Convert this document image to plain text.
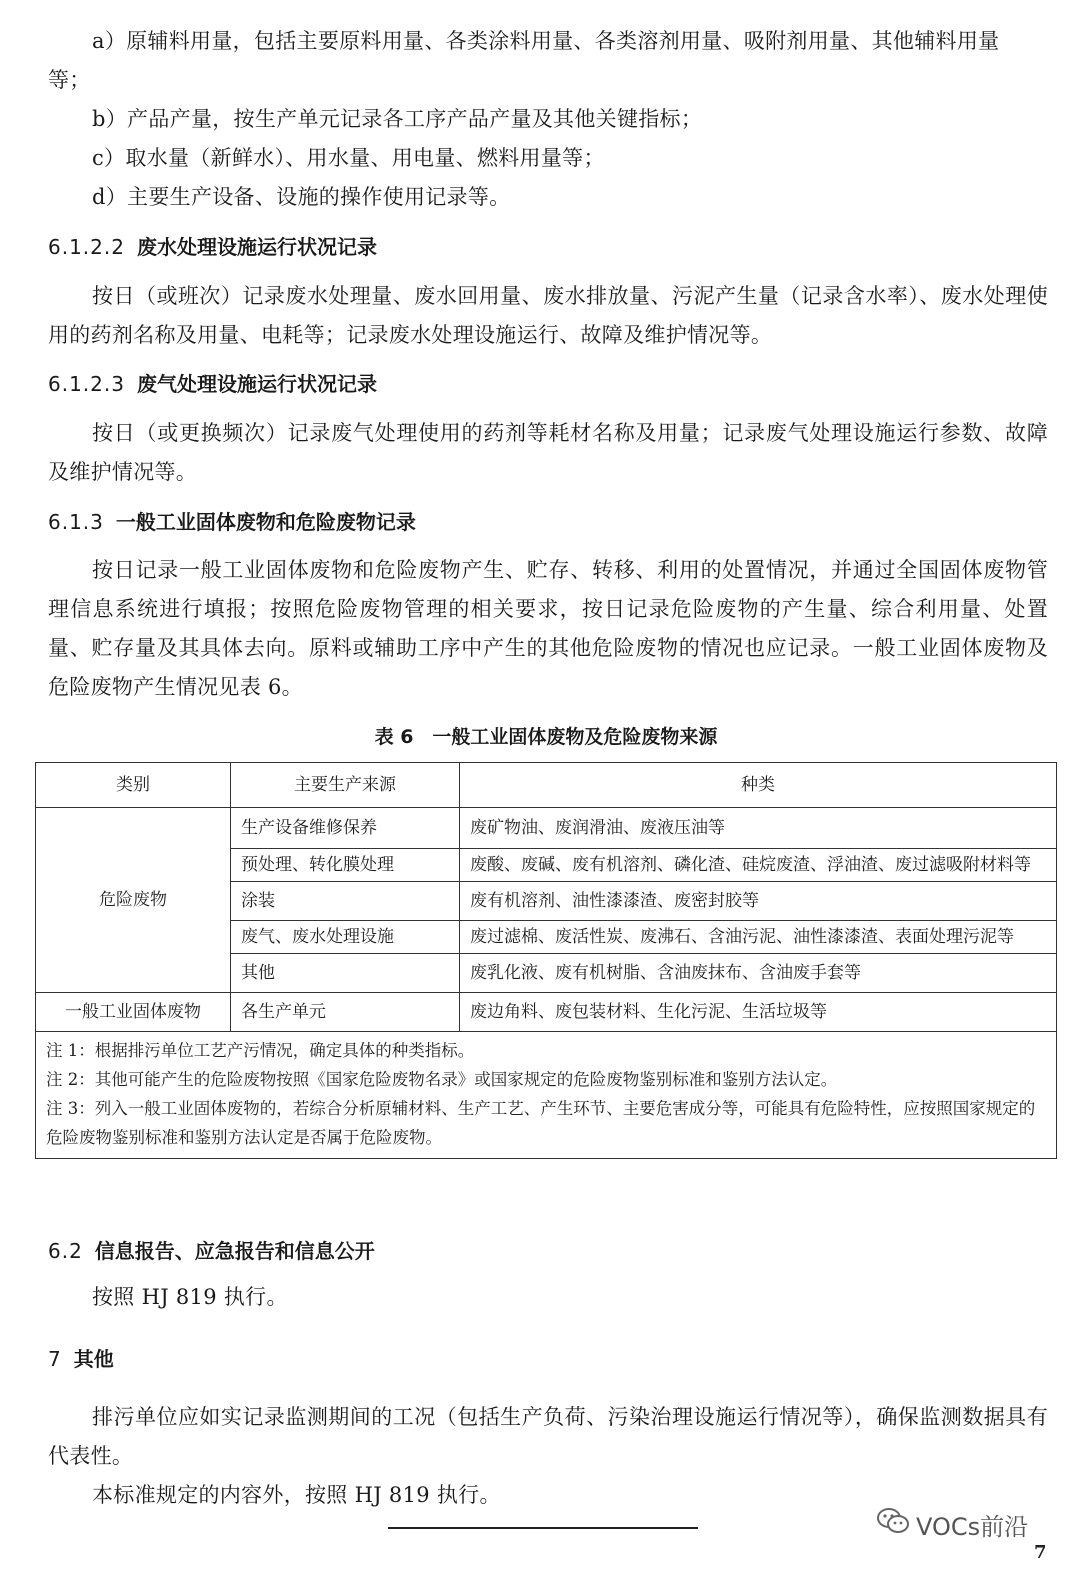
a）原辅料用量，包括主要原料用量、各类涂料用量、各类溶剂用量、吸附剂用量、其他辅料用量

等；

b）产品产量，按生产单元记录各工序产品产量及其他关键指标；

c）取水量（新鲜水）、用水量、用电量、燃料用量等；

d）主要生产设备、设施的操作使用记录等。

6.1.2.2 废水处理设施运行状况记录

按日（或班次）记录废水处理量、废水回用量、废水排放量、污泥产生量（记录含水率）、废水处理使用的药剂名称及用量、电耗等；记录废水处理设施运行、故障及维护情况等。

6.1.2.3 废气处理设施运行状况记录

按日（或更换频次）记录废气处理使用的药剂等耗材名称及用量；记录废气处理设施运行参数、故障及维护情况等。

6.1.3 一般工业固体废物和危险废物记录

按日记录一般工业固体废物和危险废物产生、贮存、转移、利用的处置情况，并通过全国固体废物管理信息系统进行填报；按照危险废物管理的相关要求，按日记录危险废物的产生量、综合利用量、处置量、贮存量及其具体去向。原料或辅助工序中产生的其他危险废物的情况也应记录。一般工业固体废物及危险废物产生情况见表 6。

表 6　一般工业固体废物及危险废物来源

类别	主要生产来源	种类
危险废物	生产设备维修保养	废矿物油、废润滑油、废液压油等
	预处理、转化膜处理	废酸、废碱、废有机溶剂、磷化渣、硅烷废渣、浮油渣、废过滤吸附材料等
	涂装	废有机溶剂、油性漆漆渣、废密封胶等
	废气、废水处理设施	废过滤棉、废活性炭、废沸石、含油污泥、油性漆漆渣、表面处理污泥等
	其他	废乳化液、废有机树脂、含油废抹布、含油废手套等
一般工业固体废物	各生产单元	废边角料、废包装材料、生化污泥、生活垃圾等

注 1：根据排污单位工艺产污情况，确定具体的种类指标。
注 2：其他可能产生的危险废物按照《国家危险废物名录》或国家规定的危险废物鉴别标准和鉴别方法认定。
注 3：列入一般工业固体废物的，若综合分析原辅材料、生产工艺、产生环节、主要危害成分等，可能具有危险特性，应按照国家规定的危险废物鉴别标准和鉴别方法认定是否属于危险废物。		
6.2 信息报告、应急报告和信息公开

按照 HJ 819 执行。

7 其他

排污单位应如实记录监测期间的工况（包括生产负荷、污染治理设施运行情况等），确保监测数据具有代表性。

本标准规定的内容外，按照 HJ 819 执行。

VOCs前沿
7
